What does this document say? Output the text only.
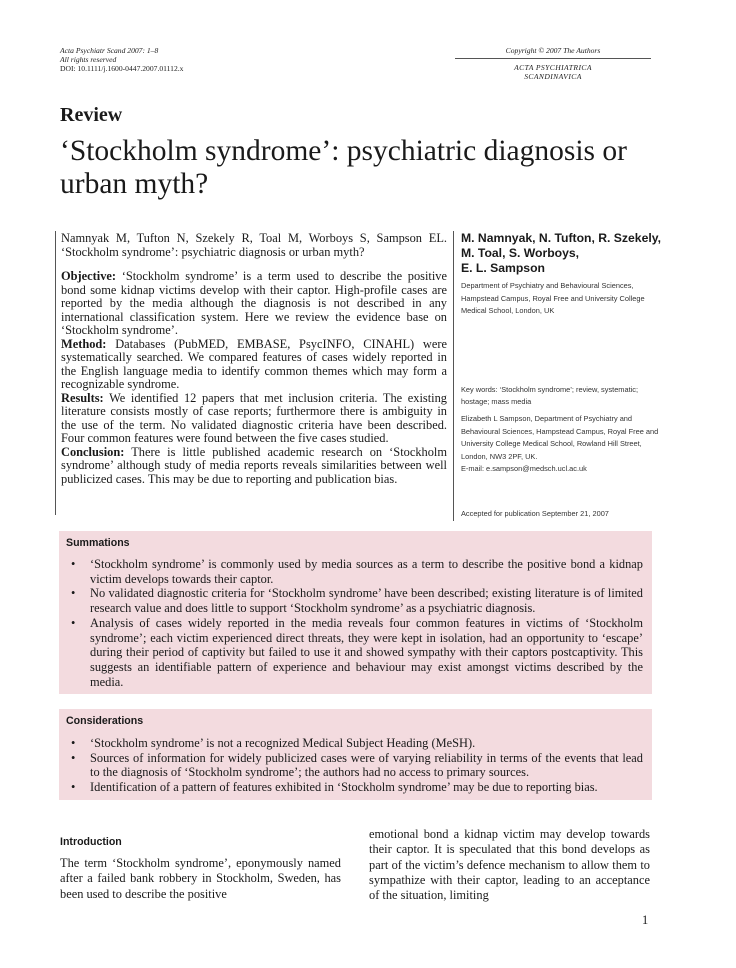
Acta Psychiatr Scand 2007: 1–8
All rights reserved
DOI: 10.1111/j.1600-0447.2007.01112.x
Copyright © 2007 The Authors
ACTA PSYCHIATRICA
SCANDINAVICA
Review
‘Stockholm syndrome’: psychiatric diagnosis or urban myth?

Namnyak M, Tufton N, Szekely R, Toal M, Worboys S, Sampson EL. ‘Stockholm syndrome’: psychiatric diagnosis or urban myth?

Objective: ‘Stockholm syndrome’ is a term used to describe the positive bond some kidnap victims develop with their captor. High-profile cases are reported by the media although the diagnosis is not described in any international classification system. Here we review the evidence base on ‘Stockholm syndrome’.

Method: Databases (PubMED, EMBASE, PsycINFO, CINAHL) were systematically searched. We compared features of cases widely reported in the English language media to identify common themes which may form a recognizable syndrome.

Results: We identified 12 papers that met inclusion criteria. The existing literature consists mostly of case reports; furthermore there is ambiguity in the use of the term. No validated diagnostic criteria have been described. Four common features were found between the five cases studied.

Conclusion: There is little published academic research on ‘Stockholm syndrome’ although study of media reports reveals similarities between well publicized cases. This may be due to reporting and publication bias.

M. Namnyak, N. Tufton, R. Szekely,
M. Toal, S. Worboys,
E. L. Sampson
Department of Psychiatry and Behavioural Sciences, Hampstead Campus, Royal Free and University College Medical School, London, UK
Key words: ‘Stockholm syndrome’; review, systematic; hostage; mass media
Elizabeth L Sampson, Department of Psychiatry and Behavioural Sciences, Hampstead Campus, Royal Free and University College Medical School, Rowland Hill Street, London, NW3 2PF, UK.
E-mail: e.sampson@medsch.ucl.ac.uk
Accepted for publication September 21, 2007
Summations
• ‘Stockholm syndrome’ is commonly used by media sources as a term to describe the positive bond a kidnap victim develops towards their captor.
• No validated diagnostic criteria for ‘Stockholm syndrome’ have been described; existing literature is of limited research value and does little to support ‘Stockholm syndrome’ as a psychiatric diagnosis.
• Analysis of cases widely reported in the media reveals four common features in victims of ‘Stockholm syndrome’; each victim experienced direct threats, they were kept in isolation, had an opportunity to ‘escape’ during their period of captivity but failed to use it and showed sympathy with their captors postcaptivity. This suggests an identifiable pattern of experience and behaviour may exist amongst victims described by the media.
Considerations
• ‘Stockholm syndrome’ is not a recognized Medical Subject Heading (MeSH).
• Sources of information for widely publicized cases were of varying reliability in terms of the events that lead to the diagnosis of ‘Stockholm syndrome’; the authors had no access to primary sources.
• Identification of a pattern of features exhibited in ‘Stockholm syndrome’ may be due to reporting bias.
Introduction
The term ‘Stockholm syndrome’, eponymously named after a failed bank robbery in Stockholm, Sweden, has been used to describe the positive
emotional bond a kidnap victim may develop towards their captor. It is speculated that this bond develops as part of the victim’s defence mechanism to allow them to sympathize with their captor, leading to an acceptance of the situation, limiting
1
